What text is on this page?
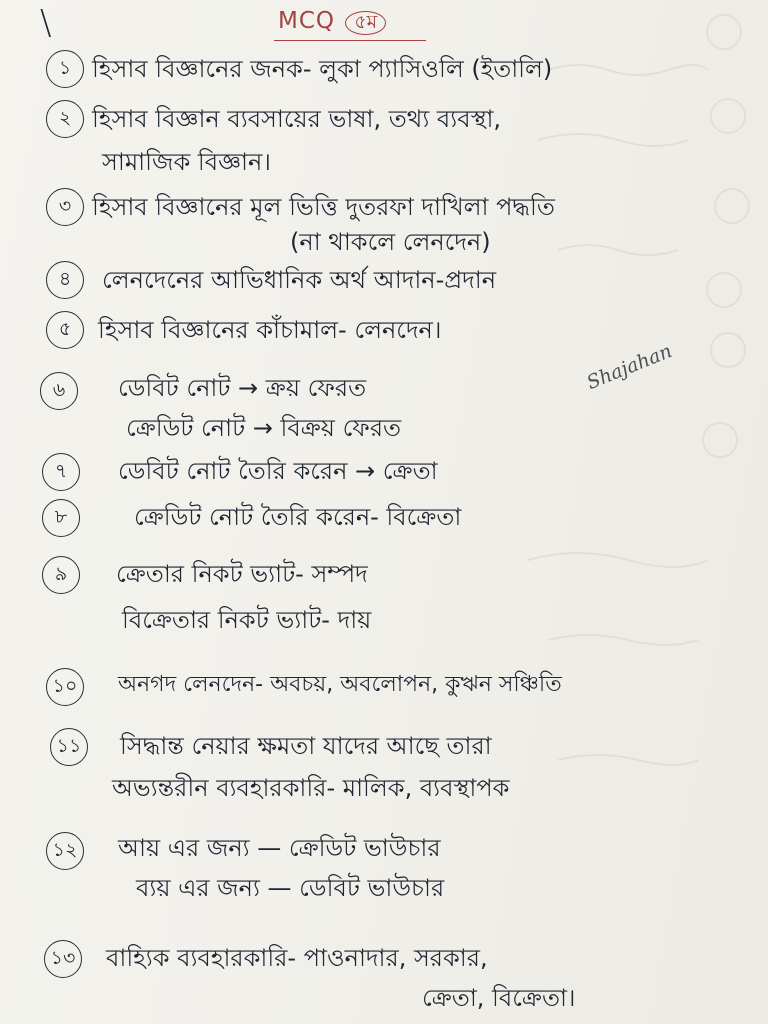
\	MCQ ৫ম
১ হিসাব বিজ্ঞানের জনক- লুকা প্যাসিওলি (ইতালি)
২ হিসাব বিজ্ঞান ব্যবসায়ের ভাষা, তথ্য ব্যবস্থা,
সামাজিক বিজ্ঞান।
৩ হিসাব বিজ্ঞানের মূল ভিত্তি দুতরফা দাখিলা পদ্ধতি
(না থাকলে লেনদেন)
৪	লেনদেনের আভিধানিক অর্থ আদান-প্রদান
৫	হিসাব বিজ্ঞানের কাঁচামাল- লেনদেন।
৬	ডেবিট নোট → ক্রয় ফেরত
ক্রেডিট নোট → বিক্রয় ফেরত
Shajahan
৭	ডেবিট নোট তৈরি করেন → ক্রেতা
৮	ক্রেডিট নোট তৈরি করেন- বিক্রেতা
৯	ক্রেতার নিকট ভ্যাট- সম্পদ
বিক্রেতার নিকট ভ্যাট- দায়
১০	অনগদ লেনদেন- অবচয়, অবলোপন, কুঋন সঞ্চিতি
১১ সিদ্ধান্ত নেয়ার ক্ষমতা যাদের আছে তারা
অভ্যন্তরীন ব্যবহারকারি- মালিক, ব্যবস্থাপক
১২ আয় এর জন্য — ক্রেডিট ভাউচার
ব্যয় এর জন্য — ডেবিট ভাউচার
১৩ বাহ্যিক ব্যবহারকারি- পাওনাদার, সরকার,
ক্রেতা, বিক্রেতা।
